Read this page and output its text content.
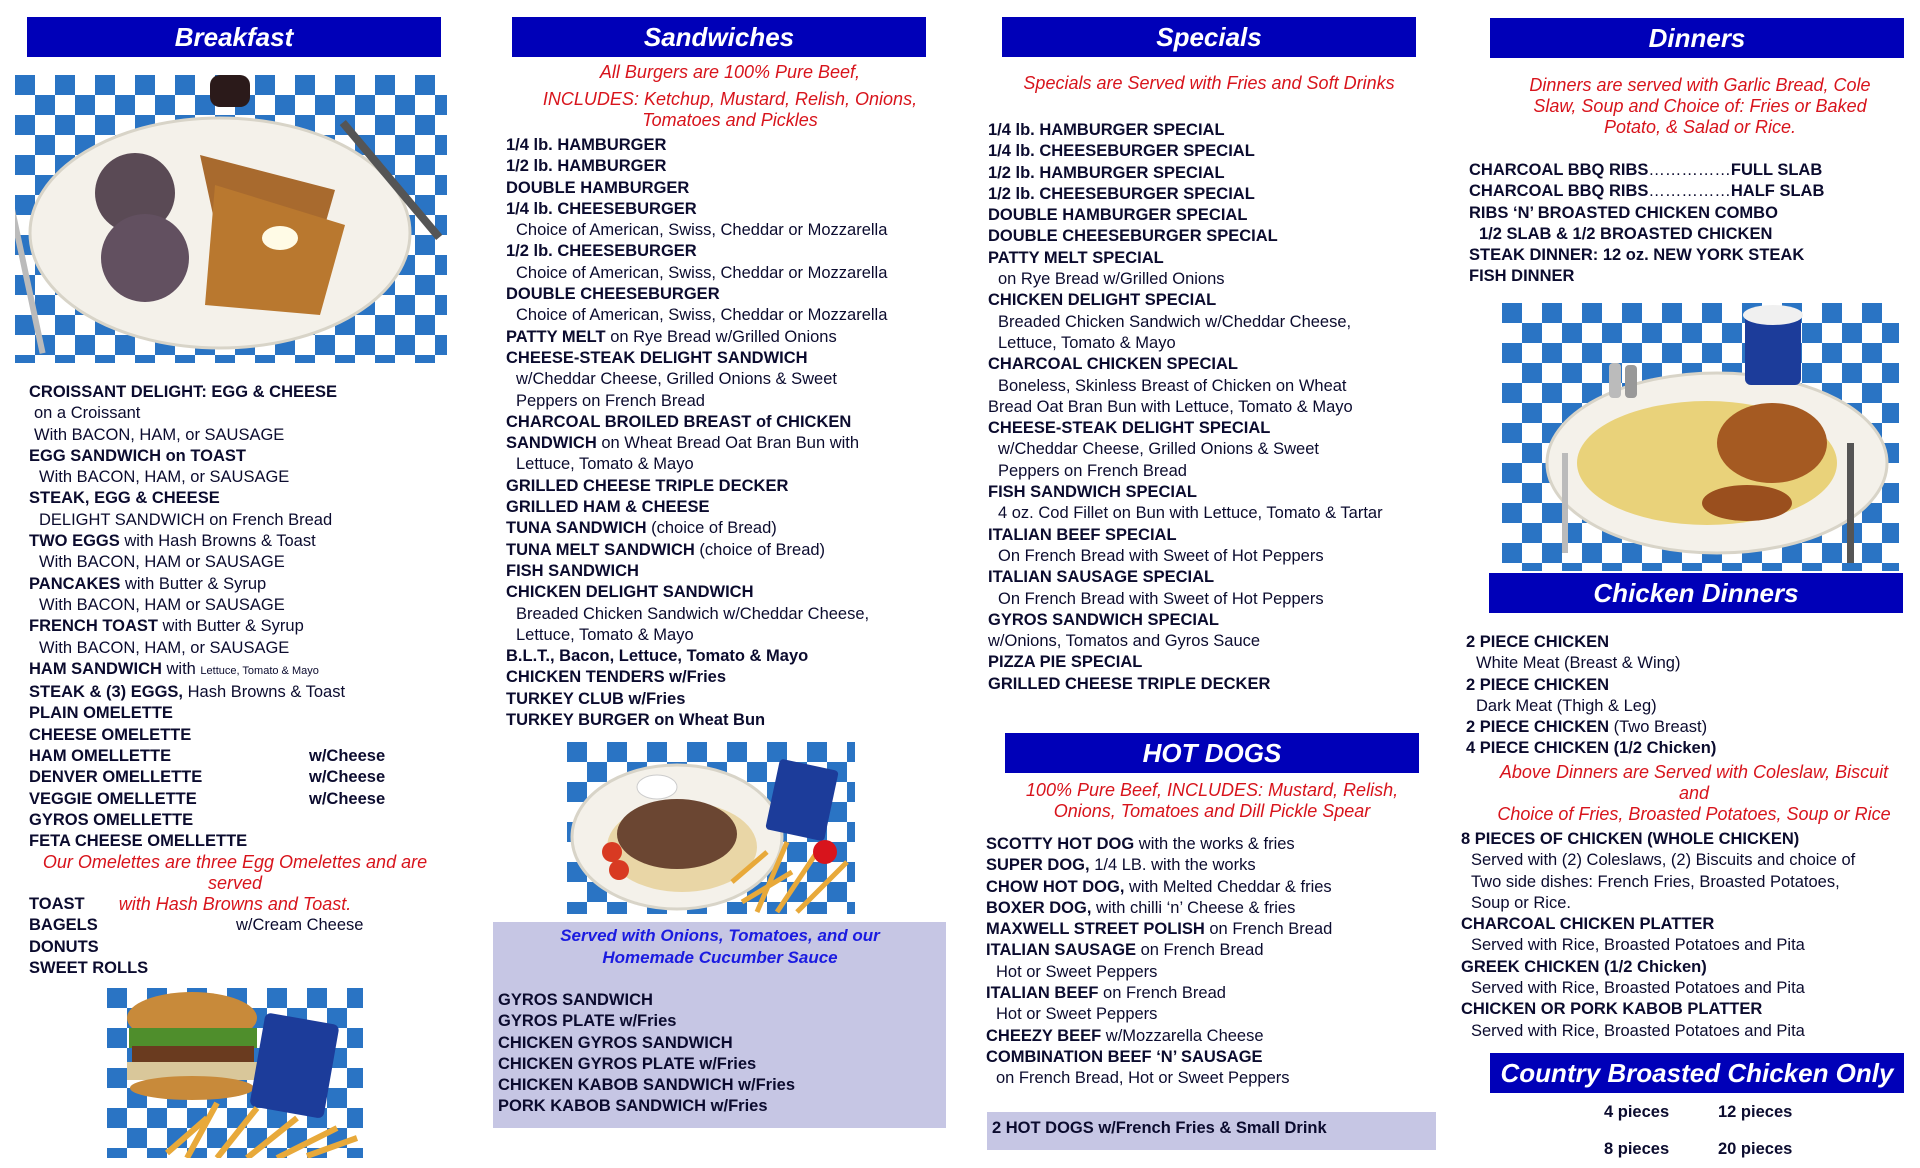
Breakfast
CROISSANT DELIGHT: EGG & CHEESE
on a Croissant
With BACON, HAM, or SAUSAGE
EGG SANDWICH on TOAST
With BACON, HAM, or SAUSAGE
STEAK, EGG & CHEESE
DELIGHT SANDWICH on French Bread
TWO EGGS with Hash Browns & Toast
With BACON, HAM or SAUSAGE
PANCAKES with Butter & Syrup
With BACON, HAM or SAUSAGE
FRENCH TOAST with Butter & Syrup
With BACON, HAM, or SAUSAGE
HAM SANDWICH with Lettuce, Tomato & Mayo
STEAK & (3) EGGS, Hash Browns & Toast
PLAIN OMELETTE
CHEESE OMELETTE
HAM OMELLETTE	w/Cheese
DENVER OMELLETTE	w/Cheese
VEGGIE OMELLETTE	w/Cheese
GYROS OMELLETTE
FETA CHEESE OMELLETTE
Our Omelettes are three Egg Omelettes and are served
with Hash Browns and Toast.
TOAST
BAGELS	w/Cream Cheese
DONUTS
SWEET ROLLS
Sandwiches
All Burgers are 100% Pure Beef,
INCLUDES: Ketchup, Mustard, Relish, Onions,
Tomatoes and Pickles
1/4 lb. HAMBURGER
1/2 lb. HAMBURGER
DOUBLE HAMBURGER
1/4 lb. CHEESEBURGER
Choice of American, Swiss, Cheddar or Mozzarella
1/2 lb. CHEESEBURGER
Choice of American, Swiss, Cheddar or Mozzarella
DOUBLE CHEESEBURGER
Choice of American, Swiss, Cheddar or Mozzarella
PATTY MELT on Rye Bread w/Grilled Onions
CHEESE-STEAK DELIGHT SANDWICH
w/Cheddar Cheese, Grilled Onions & Sweet
Peppers on French Bread
CHARCOAL BROILED BREAST of CHICKEN
SANDWICH on Wheat Bread Oat Bran Bun with
Lettuce, Tomato & Mayo
GRILLED CHEESE TRIPLE DECKER
GRILLED HAM & CHEESE
TUNA SANDWICH (choice of Bread)
TUNA MELT SANDWICH (choice of Bread)
FISH SANDWICH
CHICKEN DELIGHT SANDWICH
Breaded Chicken Sandwich w/Cheddar Cheese,
Lettuce, Tomato & Mayo
B.L.T., Bacon, Lettuce, Tomato & Mayo
CHICKEN TENDERS w/Fries
TURKEY CLUB w/Fries
TURKEY BURGER on Wheat Bun
Served with Onions, Tomatoes, and our
Homemade Cucumber Sauce
GYROS SANDWICH
GYROS PLATE w/Fries
CHICKEN GYROS SANDWICH
CHICKEN GYROS PLATE w/Fries
CHICKEN KABOB SANDWICH w/Fries
PORK KABOB SANDWICH w/Fries
Specials
Specials are Served with Fries and Soft Drinks
1/4 lb. HAMBURGER SPECIAL
1/4 lb. CHEESEBURGER SPECIAL
1/2 lb. HAMBURGER SPECIAL
1/2 lb. CHEESEBURGER SPECIAL
DOUBLE HAMBURGER SPECIAL
DOUBLE CHEESEBURGER SPECIAL
PATTY MELT SPECIAL
on Rye Bread w/Grilled Onions
CHICKEN DELIGHT SPECIAL
Breaded Chicken Sandwich w/Cheddar Cheese,
Lettuce, Tomato & Mayo
CHARCOAL CHICKEN SPECIAL
Boneless, Skinless Breast of Chicken on Wheat
Bread Oat Bran Bun with Lettuce, Tomato & Mayo
CHEESE-STEAK DELIGHT SPECIAL
w/Cheddar Cheese, Grilled Onions & Sweet
Peppers on French Bread
FISH SANDWICH SPECIAL
4 oz. Cod Fillet on Bun with Lettuce, Tomato & Tartar
ITALIAN BEEF SPECIAL
On French Bread with Sweet of Hot Peppers
ITALIAN SAUSAGE SPECIAL
On French Bread with Sweet of Hot Peppers
GYROS SANDWICH SPECIAL
w/Onions, Tomatos and Gyros Sauce
PIZZA PIE SPECIAL
GRILLED CHEESE TRIPLE DECKER
HOT DOGS
100% Pure Beef, INCLUDES: Mustard, Relish,
Onions, Tomatoes and Dill Pickle Spear
SCOTTY HOT DOG with the works & fries
SUPER DOG, 1/4 LB. with the works
CHOW HOT DOG, with Melted Cheddar & fries
BOXER DOG, with chilli ‘n’ Cheese & fries
MAXWELL STREET POLISH on French Bread
ITALIAN SAUSAGE on French Bread
Hot or Sweet Peppers
ITALIAN BEEF on French Bread
Hot or Sweet Peppers
CHEEZY BEEF w/Mozzarella Cheese
COMBINATION BEEF ‘N’ SAUSAGE
on French Bread, Hot or Sweet Peppers
2 HOT DOGS w/French Fries & Small Drink
Dinners
Dinners are served with Garlic Bread, Cole
Slaw, Soup and Choice of: Fries or Baked
Potato, & Salad or Rice.
CHARCOAL BBQ RIBS……………FULL SLAB
CHARCOAL BBQ RIBS……………HALF SLAB
RIBS ‘N’ BROASTED CHICKEN COMBO
1/2 SLAB & 1/2 BROASTED CHICKEN
STEAK DINNER: 12 oz. NEW YORK STEAK
FISH DINNER
Chicken Dinners
2 PIECE CHICKEN
White Meat (Breast & Wing)
2 PIECE CHICKEN
Dark Meat (Thigh & Leg)
2 PIECE CHICKEN (Two Breast)
4 PIECE CHICKEN (1/2 Chicken)
Above Dinners are Served with Coleslaw, Biscuit and
Choice of Fries, Broasted Potatoes, Soup or Rice
8 PIECES OF CHICKEN (WHOLE CHICKEN)
Served with (2) Coleslaws, (2) Biscuits and choice of
Two side dishes: French Fries, Broasted Potatoes,
Soup or Rice.
CHARCOAL CHICKEN PLATTER
Served with Rice, Broasted Potatoes and Pita
GREEK CHICKEN (1/2 Chicken)
Served with Rice, Broasted Potatoes and Pita
CHICKEN OR PORK KABOB PLATTER
Served with Rice, Broasted Potatoes and Pita
Country Broasted Chicken Only
4 pieces	12 pieces
8 pieces	20 pieces
